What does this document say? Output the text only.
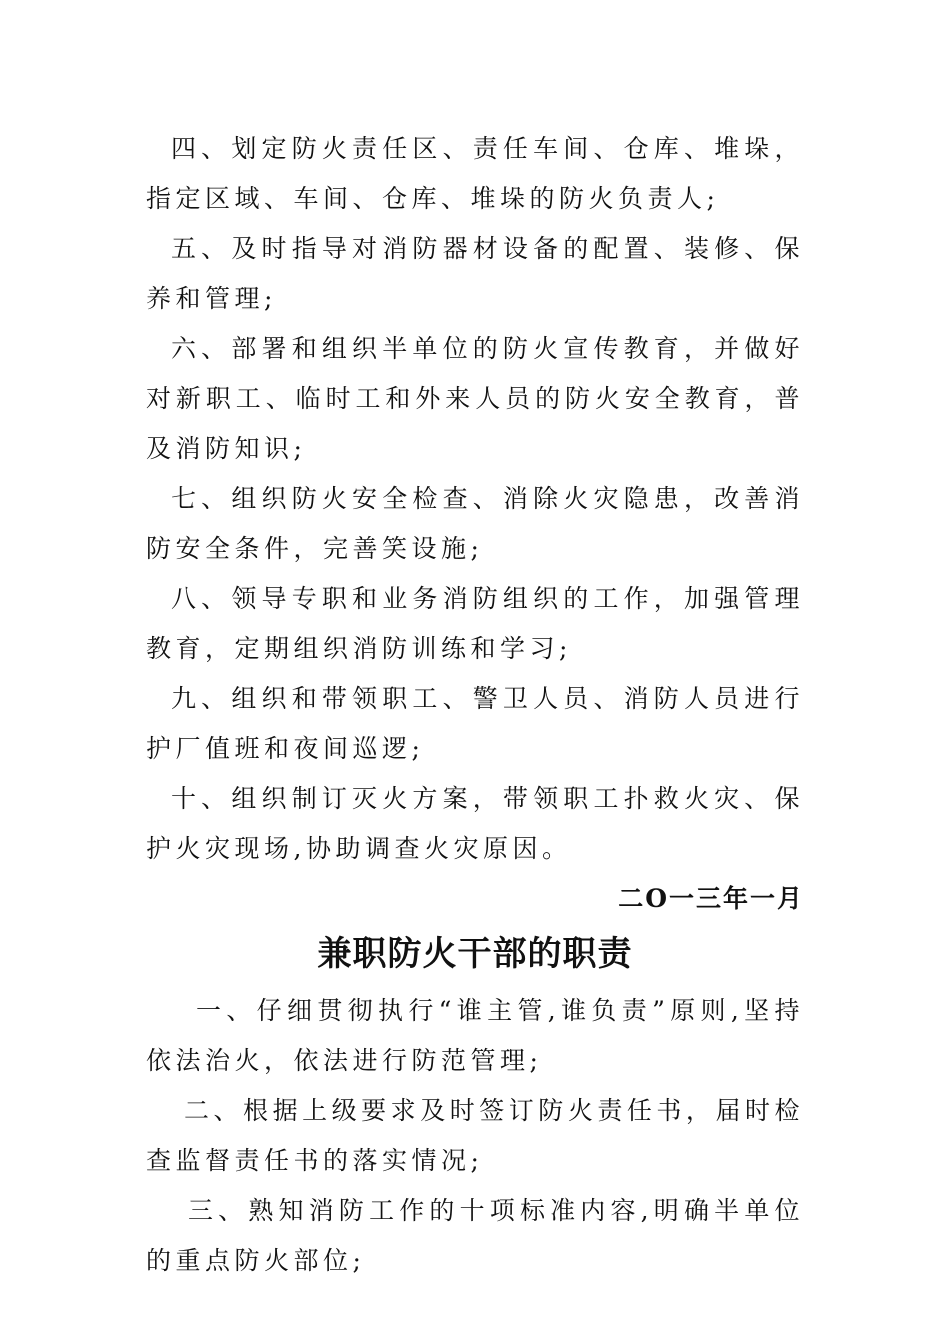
四、划定防火责任区、责任车间、仓库、堆垛，指定区域、车间、仓库、堆垛的防火负责人;

五、及时指导对消防器材设备的配置、装修、保养和管理;

六、部署和组织半单位的防火宣传教育，并做好对新职工、临时工和外来人员的防火安全教育，普及消防知识;

七、组织防火安全检查、消除火灾隐患，改善消防安全条件，完善笑设施;

八、领导专职和业务消防组织的工作，加强管理教育，定期组织消防训练和学习;

九、组织和带领职工、警卫人员、消防人员进行护厂值班和夜间巡逻;

十、组织制订灭火方案，带领职工扑救火灾、保护火灾现场,协助调查火灾原因。

二O一三年一月

兼职防火干部的职责

一、仔细贯彻执行“谁主管,谁负责”原则,坚持依法治火，依法进行防范管理;

二、根据上级要求及时签订防火责任书，届时检查监督责任书的落实情况;

三、熟知消防工作的十项标准内容,明确半单位的重点防火部位;
